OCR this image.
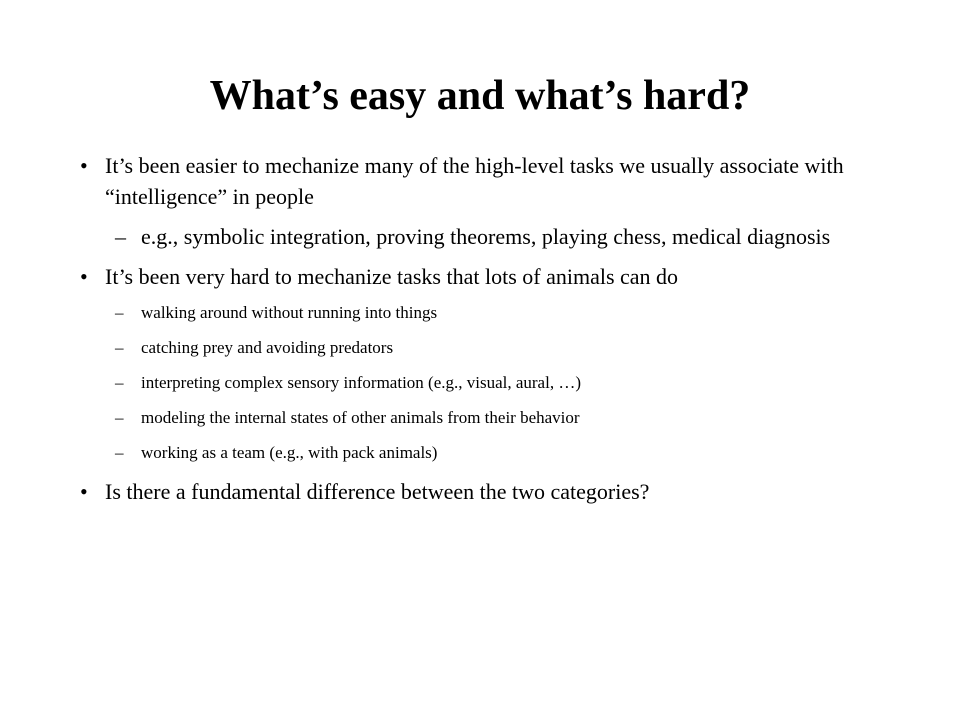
What’s easy and what’s hard?
• It’s been easier to mechanize many of the high-level tasks we usually associate with “intelligence” in people
– e.g., symbolic integration, proving theorems, playing chess, medical diagnosis
• It’s been very hard to mechanize tasks that lots of animals can do
– walking around without running into things
– catching prey and avoiding predators
– interpreting complex sensory information (e.g., visual, aural, …)
– modeling the internal states of other animals from their behavior
– working as a team (e.g., with pack animals)
• Is there a fundamental difference between the two categories?
